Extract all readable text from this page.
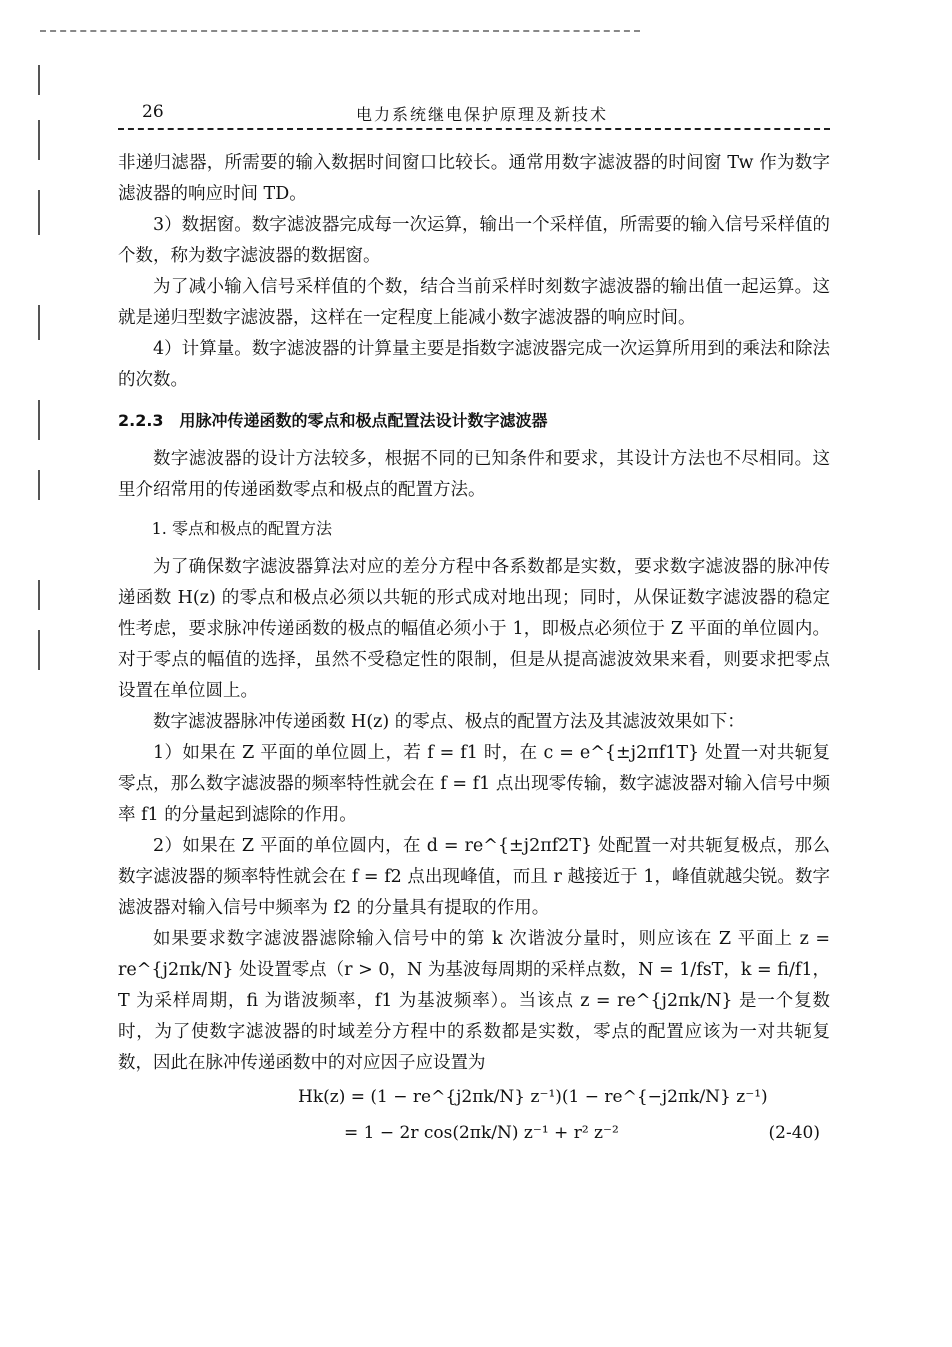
26	电力系统继电保护原理及新技术

非递归滤器，所需要的输入数据时间窗口比较长。通常用数字滤波器的时间窗 Tw 作为数字滤波器的响应时间 TD。

3）数据窗。数字滤波器完成每一次运算，输出一个采样值，所需要的输入信号采样值的个数，称为数字滤波器的数据窗。

为了减小输入信号采样值的个数，结合当前采样时刻数字滤波器的输出值一起运算。这就是递归型数字滤波器，这样在一定程度上能减小数字滤波器的响应时间。

4）计算量。数字滤波器的计算量主要是指数字滤波器完成一次运算所用到的乘法和除法的次数。

2.2.3　用脉冲传递函数的零点和极点配置法设计数字滤波器

数字滤波器的设计方法较多，根据不同的已知条件和要求，其设计方法也不尽相同。这里介绍常用的传递函数零点和极点的配置方法。

1. 零点和极点的配置方法

为了确保数字滤波器算法对应的差分方程中各系数都是实数，要求数字滤波器的脉冲传递函数 H(z) 的零点和极点必须以共轭的形式成对地出现；同时，从保证数字滤波器的稳定性考虑，要求脉冲传递函数的极点的幅值必须小于 1，即极点必须位于 Z 平面的单位圆内。对于零点的幅值的选择，虽然不受稳定性的限制，但是从提高滤波效果来看，则要求把零点设置在单位圆上。

数字滤波器脉冲传递函数 H(z) 的零点、极点的配置方法及其滤波效果如下：

1）如果在 Z 平面的单位圆上，若 f = f1 时，在 c = e^{±j2πf1T} 处置一对共轭复零点，那么数字滤波器的频率特性就会在 f = f1 点出现零传输，数字滤波器对输入信号中频率 f1 的分量起到滤除的作用。

2）如果在 Z 平面的单位圆内，在 d = re^{±j2πf2T} 处配置一对共轭复极点，那么数字滤波器的频率特性就会在 f = f2 点出现峰值，而且 r 越接近于 1，峰值就越尖锐。数字滤波器对输入信号中频率为 f2 的分量具有提取的作用。

如果要求数字滤波器滤除输入信号中的第 k 次谐波分量时，则应该在 Z 平面上 z = re^{j2πk/N} 处设置零点（r > 0，N 为基波每周期的采样点数，N = 1/fsT，k = fi/f1，T 为采样周期，fi 为谐波频率，f1 为基波频率）。当该点 z = re^{j2πk/N} 是一个复数时，为了使数字滤波器的时域差分方程中的系数都是实数，零点的配置应该为一对共轭复数，因此在脉冲传递函数中的对应因子应设置为

Hk(z) = (1 − re^{j2πk/N} z⁻¹)(1 − re^{−j2πk/N} z⁻¹)
= 1 − 2r cos(2πk/N) z⁻¹ + r² z⁻²	(2-40)
